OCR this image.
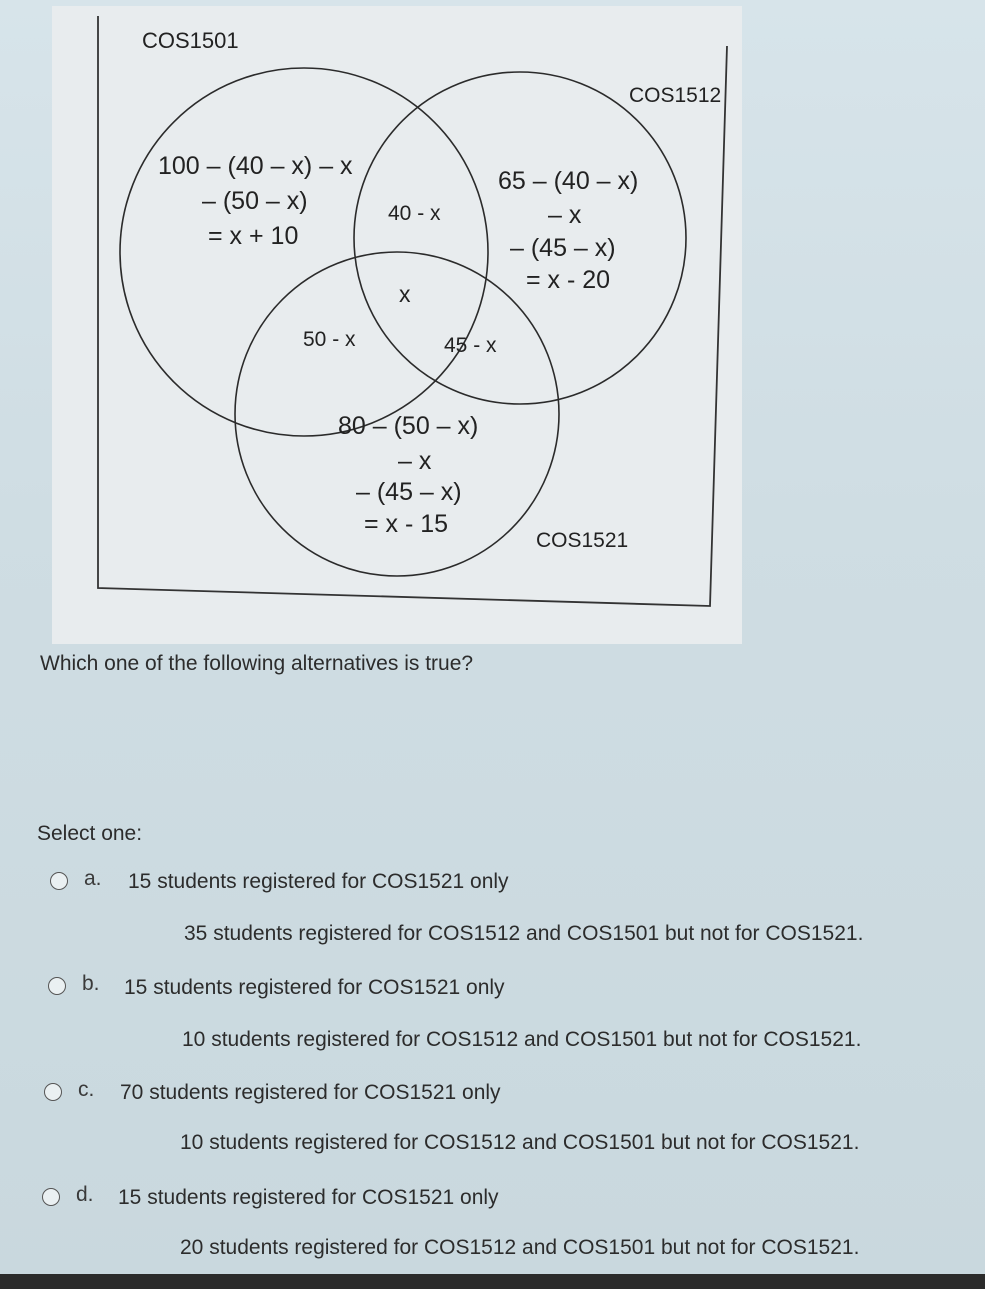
COS1501
COS1512
COS1521
100 – (40 – x) – x
– (50 – x)
= x + 10
65 – (40 – x)
– x
– (45 – x)
= x - 20
40 - x
x
50 - x	45 - x
80 – (50 – x)
– x
– (45 – x)
= x - 15
Which one of the following alternatives is true?
Select one:
a. 15 students registered for COS1521 only
35 students registered for COS1512 and COS1501 but not for COS1521.
b. 15 students registered for COS1521 only
10 students registered for COS1512 and COS1501 but not for COS1521.
c. 70 students registered for COS1521 only
10 students registered for COS1512 and COS1501 but not for COS1521.
d. 15 students registered for COS1521 only
20 students registered for COS1512 and COS1501 but not for COS1521.
